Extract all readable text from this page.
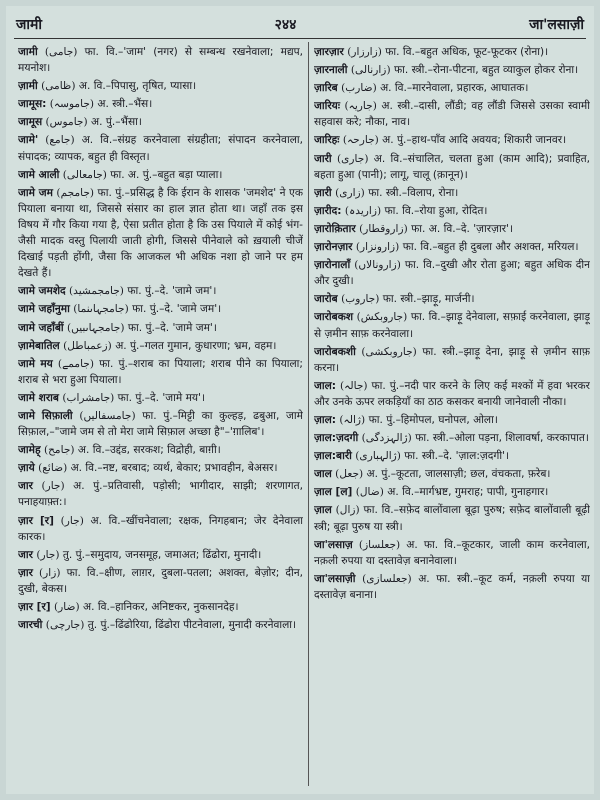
जामी	२४४	जा'लसाज़ी
जामी (جامی) फा. वि.–'जाम' (नगर) से सम्बन्ध रखनेवाला; मद्यप, मयनोश।
ज़ामी (ظامی) अ. वि.–पिपासु, तृषित, प्यासा।
जामूस: (جاموسہ) अ. स्त्री.–भैंस।
जामूस (جاموس) अ. पुं.–भैंसा।
जामे' (جامع) अ. वि.–संग्रह करनेवाला संग्रहीता; संपादन करनेवाला, संपादक; व्यापक, बहुत ही विस्तृत।
जामे आली (جامعالی) फा. अ. पुं.–बहुत बड़ा प्याला।
जामे जम (جامجم) फा. पुं.–प्रसिद्ध है कि ईरान के शासक 'जमशेद' ने एक पियाला बनाया था, जिससे संसार का हाल ज्ञात होता था। जहाँ तक इस विषय में गौर किया गया है, ऐसा प्रतीत होता है कि उस पियाले में कोई भंग-जैसी मादक वस्तु पिलायी जाती होगी, जिससे पीनेवाले को ख़याली चीजें दिखाई पड़ती होंगी, जैसा कि आजकल भी अधिक नशा हो जाने पर हम देखते हैं।
जामे जमशेद (جامجمشید) फा. पुं.–दे. 'जामे जम'।
जामे जहाँनुमा (جامجہاںنما) फा. पुं.–दे. 'जामे जम'।
जामे जहाँबीं (جامجہاںبیں) फा. पुं.–दे. 'जामे जम'।
ज़ामेबातिल (زعمباطل) अ. पुं.–गलत गुमान, कुधारणा; भ्रम, वहम।
जामे मय (جاممے) फा. पुं.–शराब का पियाला; शराब पीने का पियाला; शराब से भरा हुआ पियाला।
जामे शराब (جامشراب) फा. पुं.–दे. 'जामे मय'।
जामे सिफ़ाली (جامسفالیں) फा. पुं.–मिट्टी का कुल्हड़, ढबुआ, जामे सिफ़ाल,–"जामे जम से तो मेरा जामे सिफ़ाल अच्छा है"–'ग़ालिब'।
जामेह् (جامح) अ. वि.–उद्दंड, सरकश; विद्रोही, बाग़ी।
ज़ाये (ضائع) अ. वि.–नष्ट, बरबाद; व्यर्थ, बेकार; प्रभावहीन, बेअसर।
जार (جار) अ. पुं.–प्रतिवासी, पड़ोसी; भागीदार, साझी; शरणागत, पनाहयाफ़्त:।
ज़ार [र] (جار) अ. वि.–खींचनेवाला; रक्षक, निगहबान; जेर देनेवाला कारक।
जार (جار) तु. पुं.–समुदाय, जनसमूह, जमाअत; ढिंढोरा, मुनादी।
ज़ार (زار) फा. वि.–क्षीण, लाग़र, दुबला-पतला; अशक्त, बेज़ोर; दीन, दुखी, बेकस।
ज़ार [र] (ضار) अ. वि.–हानिकर, अनिष्टकर, नुकसानदेह।
जारची (جارچی) तु. पुं.–ढिंढोरिया, ढिंढोरा पीटनेवाला, मुनादी करनेवाला।
ज़ारज़ार (زارزار) फा. वि.–बहुत अधिक, फूट-फूटकर (रोना)।
ज़ारनाली (زارنالی) फा. स्त्री.–रोना-पीटना, बहुत व्याकुल होकर रोना।
ज़ारिब (ضارب) अ. वि.–मारनेवाला, प्रहारक, आघातक।
जारियः (جاریہ) अ. स्त्री.–दासी, लौंडी; वह लौंडी जिससे उसका स्वामी सहवास करे; नौका, नाव।
जारिहः (جارحہ) अ. पुं.–हाथ-पाँव आदि अवयव; शिकारी जानवर।
जारी (جاری) अ. वि.–संचालित, चलता हुआ (काम आदि); प्रवाहित, बहता हुआ (पानी); लागू, चालू (क़ानून)।
ज़ारी (زاری) फा. स्त्री.–विलाप, रोना।
ज़ारीद: (زاریدہ) फा. वि.–रोया हुआ, रोदित।
ज़ारोक़ितार (زاروقطار) फा. अ. वि.–दे. 'ज़ारज़ार'।
ज़ारोनज़ार (زارونزار) फा. वि.–बहुत ही दुबला और अशक्त, मरियल।
ज़ारोनालाँ (زارونالاں) फा. वि.–दुखी और रोता हुआ; बहुत अधिक दीन और दुखी।
जारोब (جاروب) फा. स्त्री.–झाड़ू, मार्जनी।
जारोबकश (جاروبکش) फा. वि.–झाड़ू देनेवाला, सफ़ाई करनेवाला, झाड़ू से ज़मीन साफ़ करनेवाला।
जारोबकशी (جاروبکشی) फा. स्त्री.–झाड़ू देना, झाड़ू से ज़मीन साफ़ करना।
जाल: (جالہ) फा. पुं.–नदी पार करने के लिए कई मश्कों में हवा भरकर और उनके ऊपर लकड़ियाँ का ठाठ कसकर बनायी जानेवाली नौका।
ज़ाल: (ژالہ) फा. पुं.–हिमोपल, घनोपल, ओला।
ज़ाल:ज़दगी (ژالہزدگی) फा. स्त्री.–ओला पड़ना, शिलावर्षा, करकापात।
ज़ाल:बारी (ژالہباری) फा. स्त्री.–दे. 'ज़ाल:ज़दगी'।
जाल (جعل) अ. पुं.–कूटता, जालसाज़ी; छल, वंचकता, फ़रेब।
ज़ाल [ल] (ضال) अ. वि.–मार्गभ्रष्ट, गुमराह; पापी, गुनाहगार।
ज़ाल (زال) फा. वि.–सफ़ेद बालोंवाला बूढ़ा पुरुष; सफ़ेद बालोंवाली बूढ़ी स्त्री; बूढ़ा पुरुष या स्त्री।
जा'लसाज़ (جعلساز) अ. फा. वि.–कूटकार, जाली काम करनेवाला, नक़ली रुपया या दस्तावेज़ बनानेवाला।
जा'लसाज़ी (جعلسازی) अ. फा. स्त्री.–कूट कर्म, नक़ली रुपया या दस्तावेज़ बनाना।
